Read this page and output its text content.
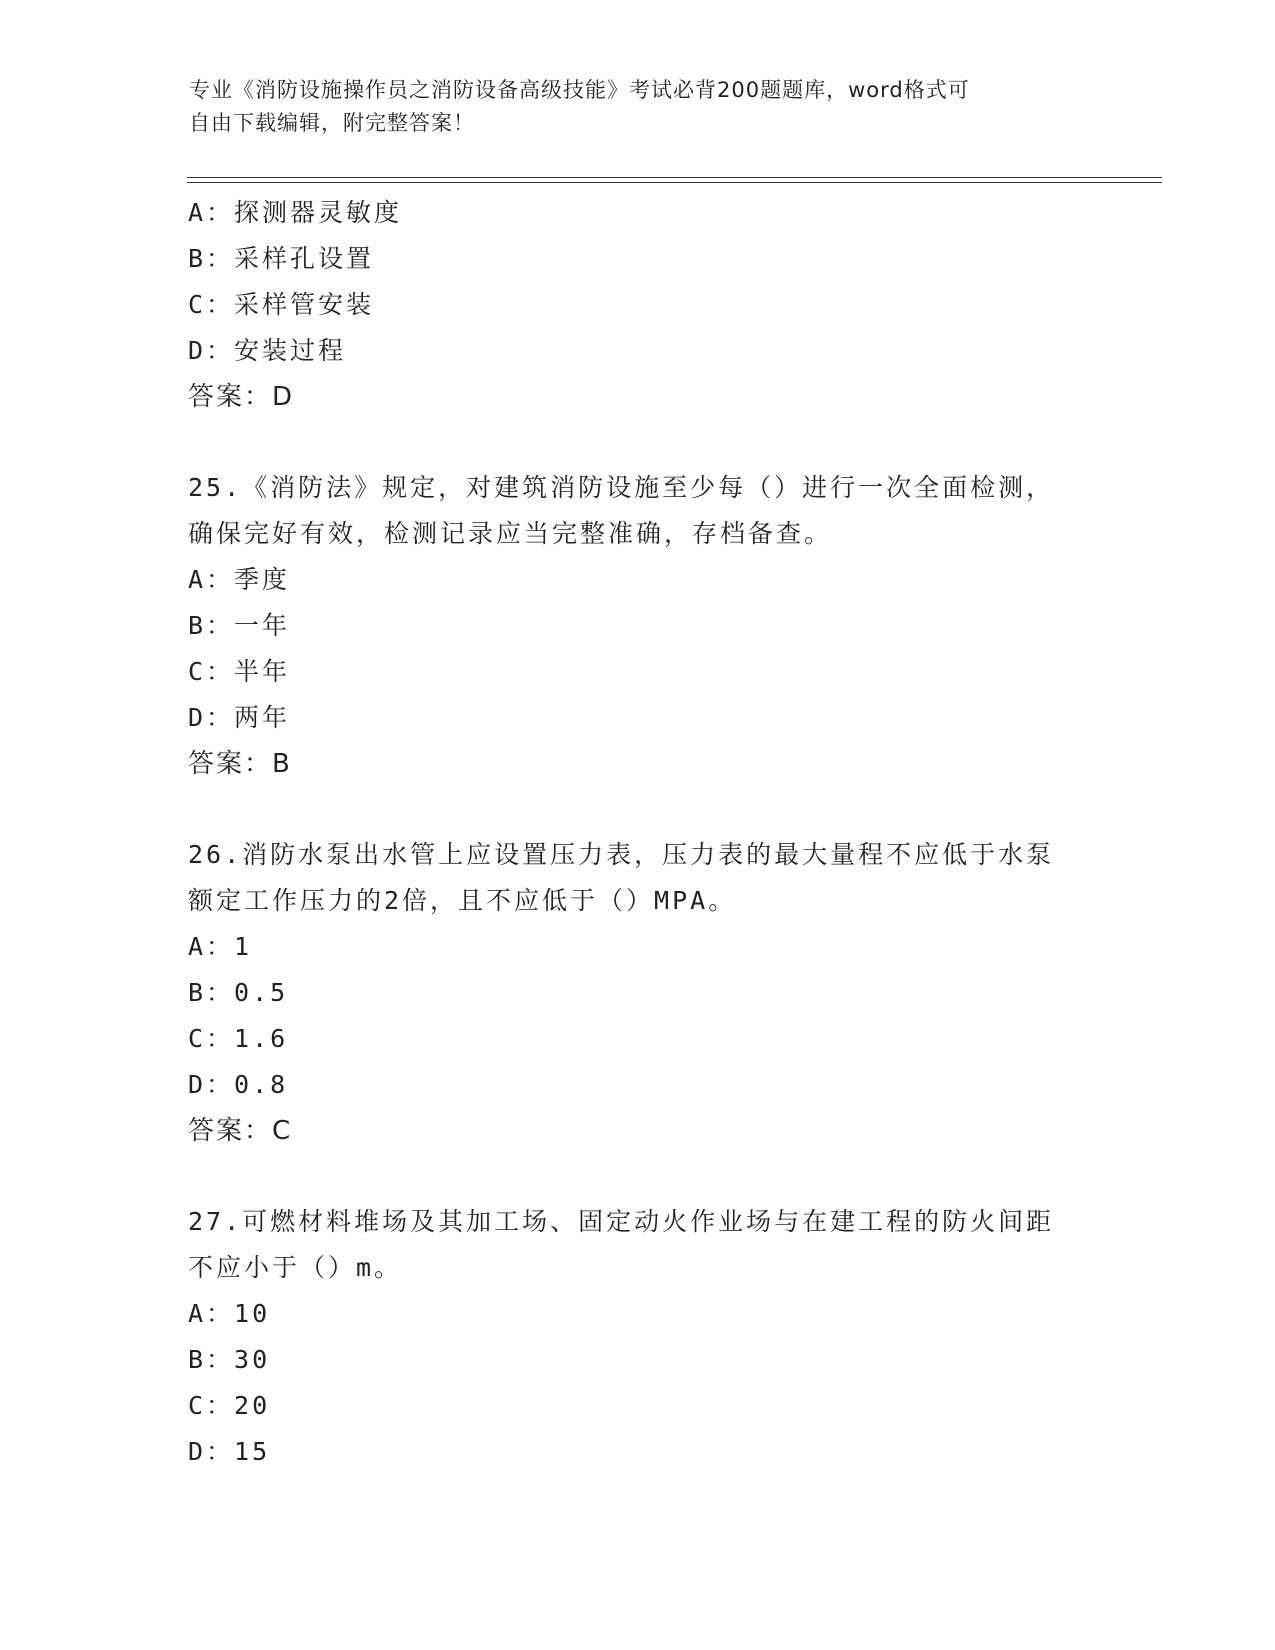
专业《消防设施操作员之消防设备高级技能》考试必背200题题库，word格式可
自由下载编辑，附完整答案！
A：探测器灵敏度
B：采样孔设置
C：采样管安装
D：安装过程
答案：D
25.《消防法》规定，对建筑消防设施至少每（）进行一次全面检测，
确保完好有效，检测记录应当完整准确，存档备查。
A：季度
B：一年
C：半年
D：两年
答案：B
26.消防水泵出水管上应设置压力表，压力表的最大量程不应低于水泵
额定工作压力的2倍，且不应低于（）MPA。
A：1
B：0.5
C：1.6
D：0.8
答案：C
27.可燃材料堆场及其加工场、固定动火作业场与在建工程的防火间距
不应小于（）m。
A：10
B：30
C：20
D：15
